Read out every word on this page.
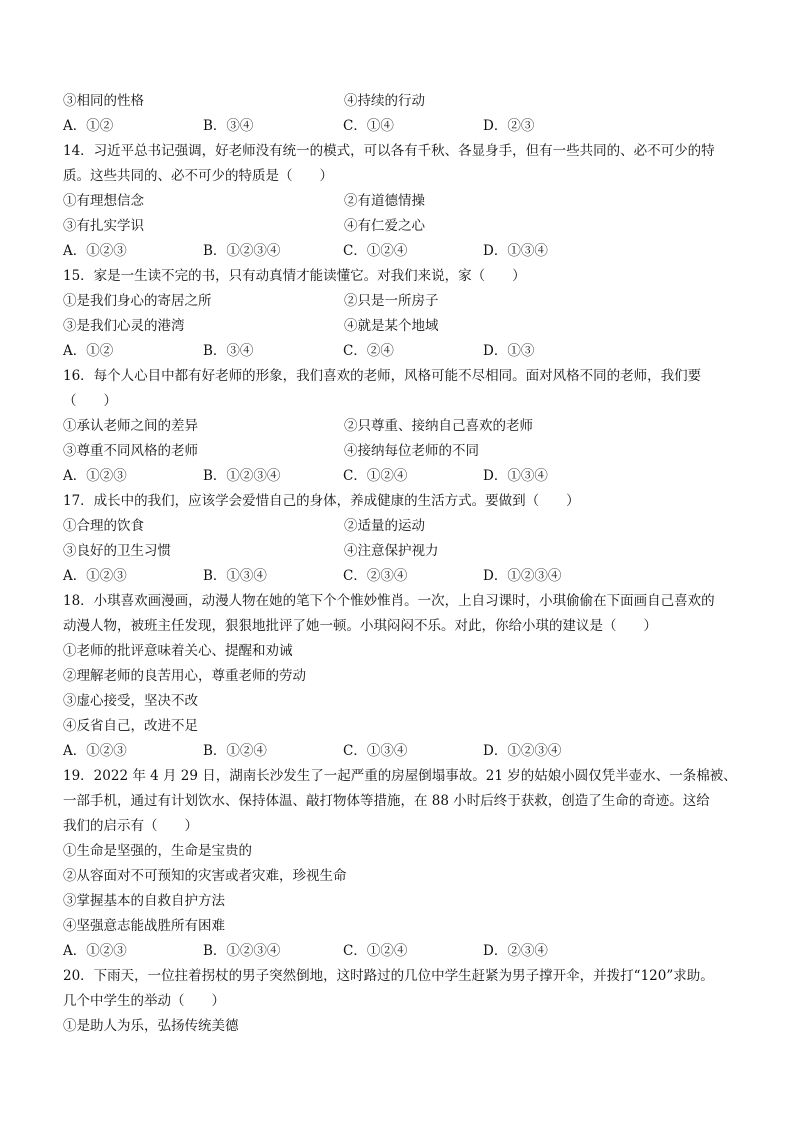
③相同的性格	④持续的行动
A．①②	B．③④	C．①④	D．②③
14．习近平总书记强调，好老师没有统一的模式，可以各有千秋、各显身手，但有一些共同的、必不可少的特
质。这些共同的、必不可少的特质是（　　）
①有理想信念	②有道德情操
③有扎实学识	④有仁爱之心
A．①②③	B．①②③④	C．①②④	D．①③④
15．家是一生读不完的书，只有动真情才能读懂它。对我们来说，家（　　）
①是我们身心的寄居之所	②只是一所房子
③是我们心灵的港湾	④就是某个地域
A．①②	B．③④	C．②④	D．①③
16．每个人心目中都有好老师的形象，我们喜欢的老师，风格可能不尽相同。面对风格不同的老师，我们要
（　　）
①承认老师之间的差异	②只尊重、接纳自己喜欢的老师
③尊重不同风格的老师	④接纳每位老师的不同
A．①②③	B．①②③④	C．①②④	D．①③④
17．成长中的我们，应该学会爱惜自己的身体，养成健康的生活方式。要做到（　　）
①合理的饮食	②适量的运动
③良好的卫生习惯	④注意保护视力
A．①②③	B．①③④	C．②③④	D．①②③④
18．小琪喜欢画漫画，动漫人物在她的笔下个个惟妙惟肖。一次，上自习课时，小琪偷偷在下面画自己喜欢的
动漫人物，被班主任发现，狠狠地批评了她一顿。小琪闷闷不乐。对此，你给小琪的建议是（　　）
①老师的批评意味着关心、提醒和劝诫
②理解老师的良苦用心，尊重老师的劳动
③虚心接受，坚决不改
④反省自己，改进不足
A．①②③	B．①②④	C．①③④	D．①②③④
19．2022 年 4 月 29 日，湖南长沙发生了一起严重的房屋倒塌事故。21 岁的姑娘小圆仅凭半壶水、一条棉被、
一部手机，通过有计划饮水、保持体温、敲打物体等措施，在 88 小时后终于获救，创造了生命的奇迹。这给
我们的启示有（　　）
①生命是坚强的，生命是宝贵的
②从容面对不可预知的灾害或者灾难，珍视生命
③掌握基本的自救自护方法
④坚强意志能战胜所有困难
A．①②③	B．①②③④	C．①②④	D．②③④
20．下雨天，一位拄着拐杖的男子突然倒地，这时路过的几位中学生赶紧为男子撑开伞，并拨打“120”求助。
几个中学生的举动（　　）
①是助人为乐，弘扬传统美德
